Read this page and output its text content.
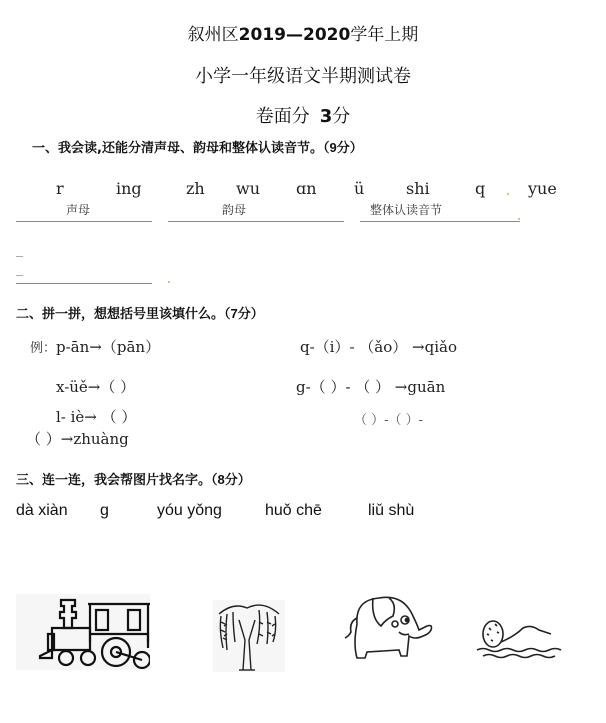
叙州区2019—2020学年上期
小学一年级语文半期测试卷
卷面分 3分
一、我会读,还能分清声母、韵母和整体认读音节。（9分）
r	ing	zh wu ɑn ü	shi	q	yue
声母	韵母	整体认读音节
二、拼一拼，想想括号里该填什么。（7分）
例：p-ān→（pān）	q-（i）- （ǎo） →qiǎo
x-üě→（ ）	g-（ ）- （ ） →guān
l- iè→ （ ）	（ ）-（ ）-
（ ）→zhuàng
三、连一连，我会帮图片找名字。（8分）
dà xiàn g	yóu yǒng	huǒ chē	liǔ shù
